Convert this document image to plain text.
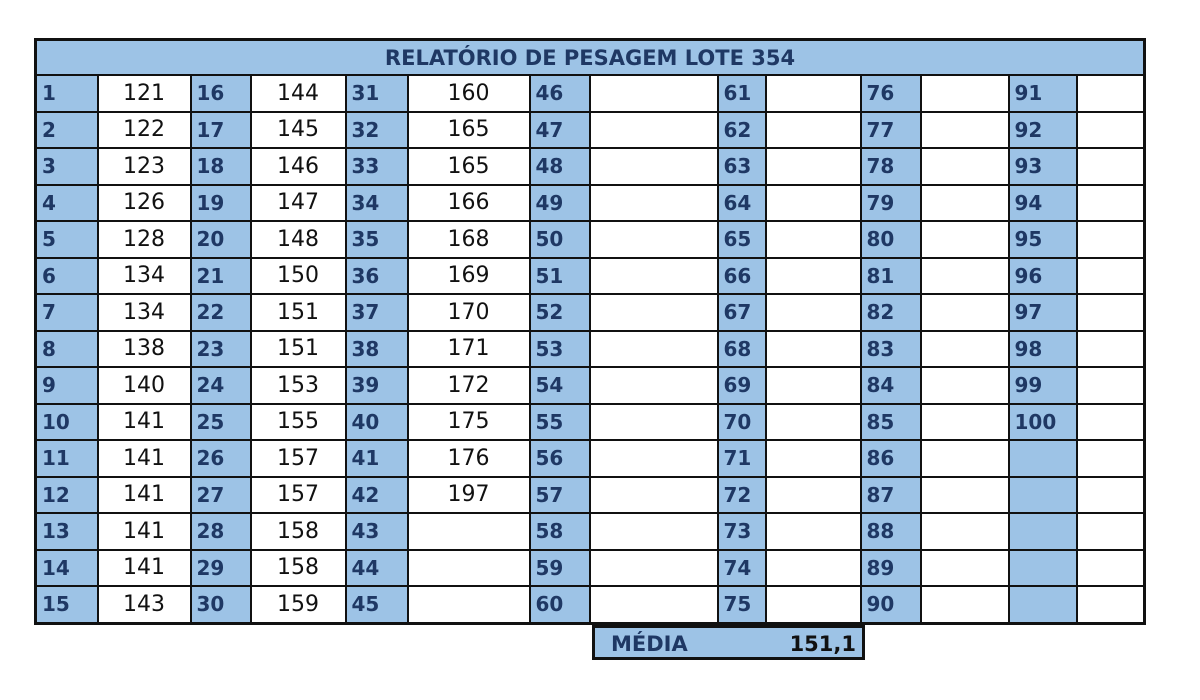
RELATÓRIO DE PESAGEM LOTE 354													
1	121	16	144	31	160	46		61		76		91	
2	122	17	145	32	165	47		62		77		92	
3	123	18	146	33	165	48		63		78		93	
4	126	19	147	34	166	49		64		79		94	
5	128	20	148	35	168	50		65		80		95	
6	134	21	150	36	169	51		66		81		96	
7	134	22	151	37	170	52		67		82		97	
8	138	23	151	38	171	53		68		83		98	
9	140	24	153	39	172	54		69		84		99	
10	141	25	155	40	175	55		70		85		100	
11	141	26	157	41	176	56		71		86			
12	141	27	157	42	197	57		72		87			
13	141	28	158	43		58		73		88			
14	141	29	158	44		59		74		89			
15	143	30	159	45		60		75		90			
MÉDIA	151,1
